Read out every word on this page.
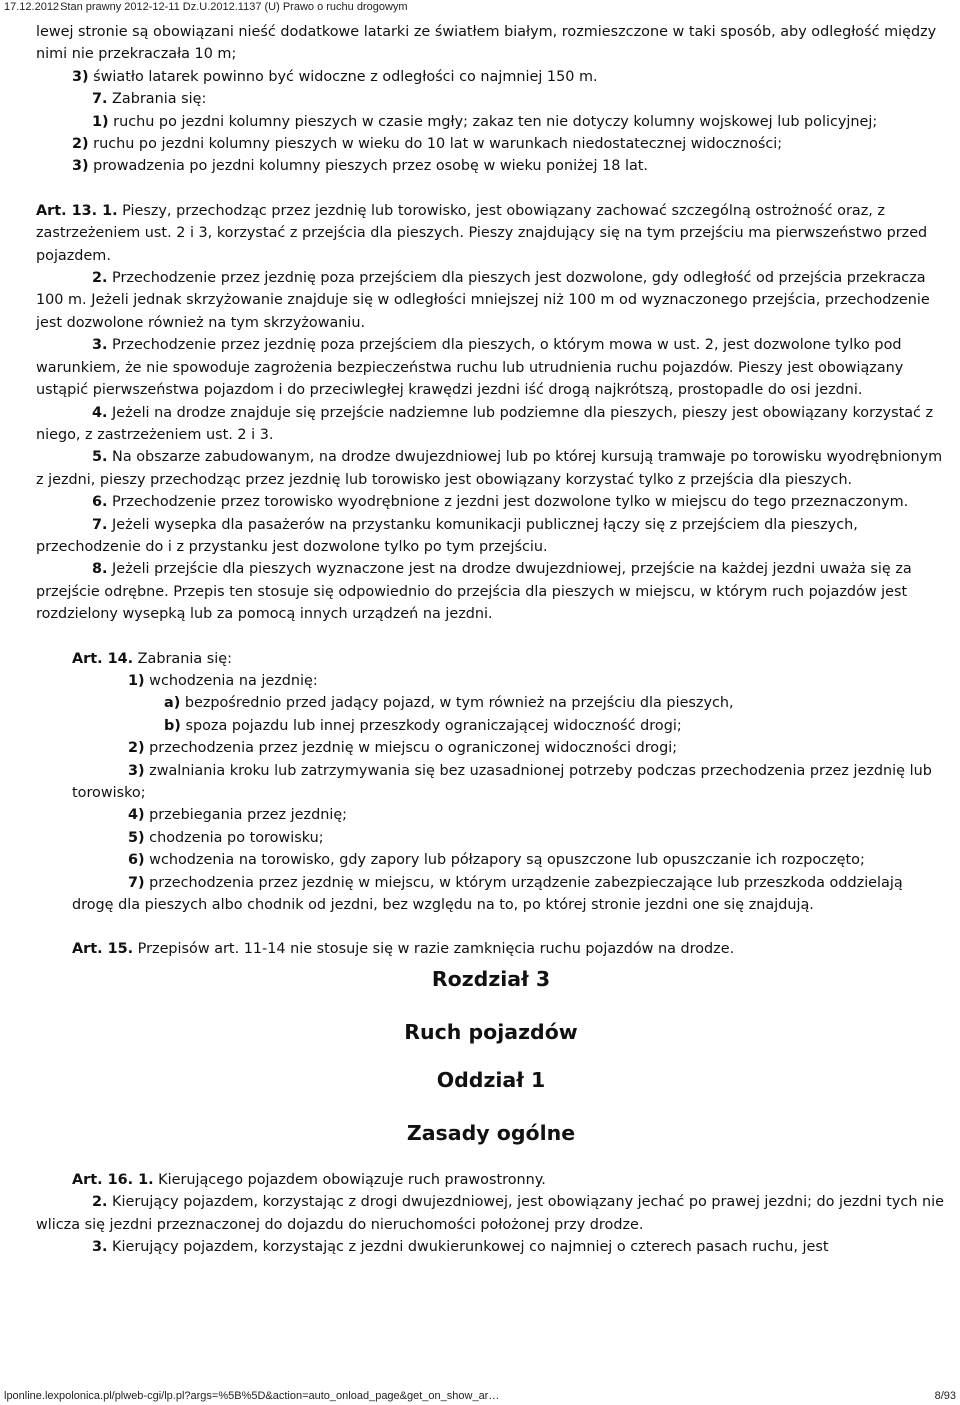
17.12.2012Stan prawny 2012-12-11 Dz.U.2012.1137 (U) Prawo o ruchu drogowym

lewej stronie są obowiązani nieść dodatkowe latarki ze światłem białym, rozmieszczone w taki sposób, aby odległość między nimi nie przekraczała 10 m;

3) światło latarek powinno być widoczne z odległości co najmniej 150 m.

7. Zabrania się:

1) ruchu po jezdni kolumny pieszych w czasie mgły; zakaz ten nie dotyczy kolumny wojskowej lub policyjnej;

2) ruchu po jezdni kolumny pieszych w wieku do 10 lat w warunkach niedostatecznej widoczności;

3) prowadzenia po jezdni kolumny pieszych przez osobę w wieku poniżej 18 lat.

Art. 13. 1. Pieszy, przechodząc przez jezdnię lub torowisko, jest obowiązany zachować szczególną ostrożność oraz, z zastrzeżeniem ust. 2 i 3, korzystać z przejścia dla pieszych. Pieszy znajdujący się na tym przejściu ma pierwszeństwo przed pojazdem.

2. Przechodzenie przez jezdnię poza przejściem dla pieszych jest dozwolone, gdy odległość od przejścia przekracza 100 m. Jeżeli jednak skrzyżowanie znajduje się w odległości mniejszej niż 100 m od wyznaczonego przejścia, przechodzenie jest dozwolone również na tym skrzyżowaniu.

3. Przechodzenie przez jezdnię poza przejściem dla pieszych, o którym mowa w ust. 2, jest dozwolone tylko pod warunkiem, że nie spowoduje zagrożenia bezpieczeństwa ruchu lub utrudnienia ruchu pojazdów. Pieszy jest obowiązany ustąpić pierwszeństwa pojazdom i do przeciwległej krawędzi jezdni iść drogą najkrótszą, prostopadle do osi jezdni.

4. Jeżeli na drodze znajduje się przejście nadziemne lub podziemne dla pieszych, pieszy jest obowiązany korzystać z niego, z zastrzeżeniem ust. 2 i 3.

5. Na obszarze zabudowanym, na drodze dwujezdniowej lub po której kursują tramwaje po torowisku wyodrębnionym z jezdni, pieszy przechodząc przez jezdnię lub torowisko jest obowiązany korzystać tylko z przejścia dla pieszych.

6. Przechodzenie przez torowisko wyodrębnione z jezdni jest dozwolone tylko w miejscu do tego przeznaczonym.

7. Jeżeli wysepka dla pasażerów na przystanku komunikacji publicznej łączy się z przejściem dla pieszych, przechodzenie do i z przystanku jest dozwolone tylko po tym przejściu.

8. Jeżeli przejście dla pieszych wyznaczone jest na drodze dwujezdniowej, przejście na każdej jezdni uważa się za przejście odrębne. Przepis ten stosuje się odpowiednio do przejścia dla pieszych w miejscu, w którym ruch pojazdów jest rozdzielony wysepką lub za pomocą innych urządzeń na jezdni.

Art. 14. Zabrania się:

1) wchodzenia na jezdnię:

a) bezpośrednio przed jadący pojazd, w tym również na przejściu dla pieszych,

b) spoza pojazdu lub innej przeszkody ograniczającej widoczność drogi;

2) przechodzenia przez jezdnię w miejscu o ograniczonej widoczności drogi;

3) zwalniania kroku lub zatrzymywania się bez uzasadnionej potrzeby podczas przechodzenia przez jezdnię lub torowisko;

4) przebiegania przez jezdnię;

5) chodzenia po torowisku;

6) wchodzenia na torowisko, gdy zapory lub półzapory są opuszczone lub opuszczanie ich rozpoczęto;

7) przechodzenia przez jezdnię w miejscu, w którym urządzenie zabezpieczające lub przeszkoda oddzielają drogę dla pieszych albo chodnik od jezdni, bez względu na to, po której stronie jezdni one się znajdują.

Art. 15. Przepisów art. 11-14 nie stosuje się w razie zamknięcia ruchu pojazdów na drodze.

Rozdział 3

Ruch pojazdów

Oddział 1

Zasady ogólne

Art. 16. 1. Kierującego pojazdem obowiązuje ruch prawostronny.

2. Kierujący pojazdem, korzystając z drogi dwujezdniowej, jest obowiązany jechać po prawej jezdni; do jezdni tych nie wlicza się jezdni przeznaczonej do dojazdu do nieruchomości położonej przy drodze.

3. Kierujący pojazdem, korzystając z jezdni dwukierunkowej co najmniej o czterech pasach ruchu, jest

lponline.lexpolonica.pl/plweb-cgi/lp.pl?args=%5B%5D&action=auto_onload_page&get_on_show_ar…	8/93
